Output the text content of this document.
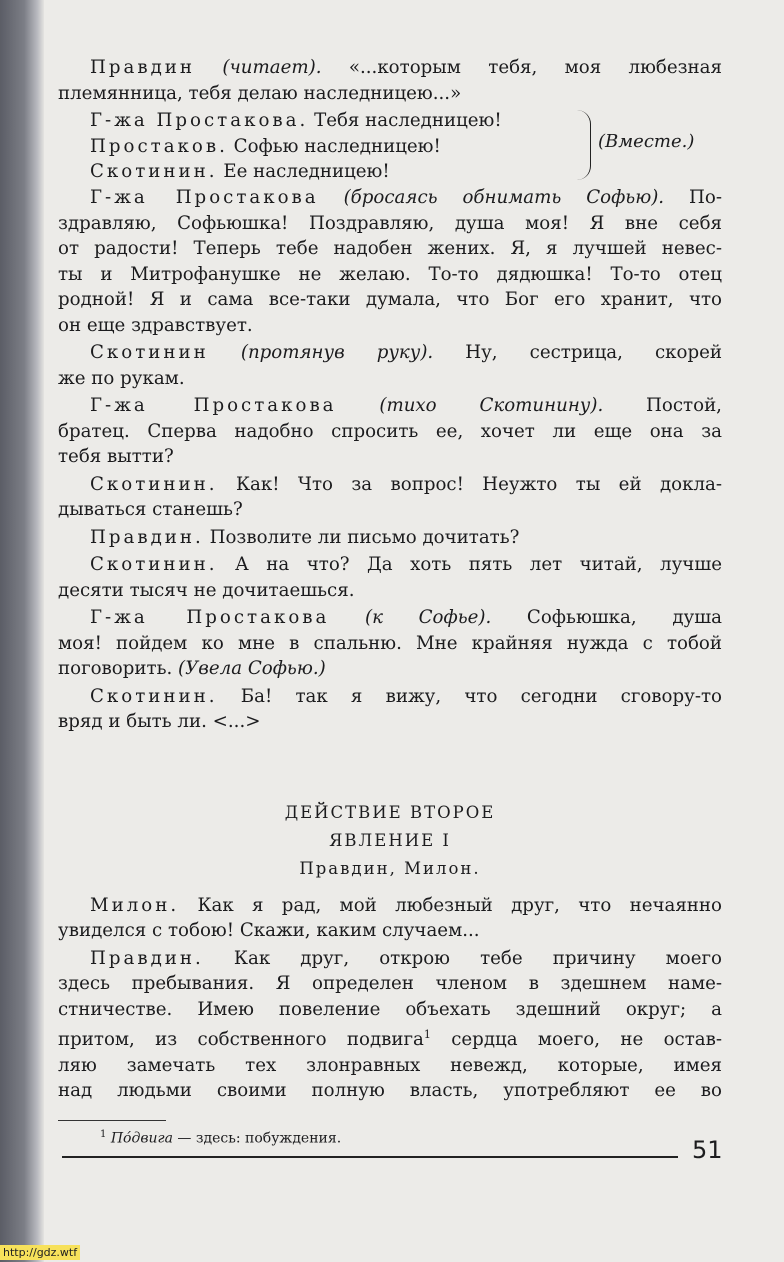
Правдин (читает). «...которым тебя, моя любезная
племянница, тебя делаю наследницею...»
Г-жа Простакова. Тебя наследницею!
Простаков. Софью наследницею!
Скотинин. Ее наследницею!
(Вместе.)
Г-жа Простакова (бросаясь обнимать Софью). По-
здравляю, Софьюшка! Поздравляю, душа моя! Я вне себя
от радости! Теперь тебе надобен жених. Я, я лучшей невес-
ты и Митрофанушке не желаю. То-то дядюшка! То-то отец
родной! Я и сама все-таки думала, что Бог его хранит, что
он еще здравствует.
Скотинин (протянув руку). Ну, сестрица, скорей
же по рукам.
Г-жа Простакова (тихо Скотинину). Постой,
братец. Сперва надобно спросить ее, хочет ли еще она за
тебя вытти?
Скотинин. Как! Что за вопрос! Неужто ты ей докла-
дываться станешь?
Правдин. Позволите ли письмо дочитать?
Скотинин. А на что? Да хоть пять лет читай, лучше
десяти тысяч не дочитаешься.
Г-жа Простакова (к Софье). Софьюшка, душа
моя! пойдем ко мне в спальню. Мне крайняя нужда с тобой
поговорить. (Увела Софью.)
Скотинин. Ба! так я вижу, что сегодни сговору-то
вряд и быть ли. <...>
ДЕЙСТВИЕ ВТОРОЕ
ЯВЛЕНИЕ I
Правдин, Милон.
Милон. Как я рад, мой любезный друг, что нечаянно
увиделся с тобою! Скажи, каким случаем...
Правдин. Как друг, открою тебе причину моего
здесь пребывания. Я определен членом в здешнем наме-
стничестве. Имею повеление объехать здешний округ; а
притом, из собственного подвига$^1$ сердца моего, не остав-
ляю замечать тех злонравных невежд, которые, имея
над людьми своими полную власть, употребляют ее во
$^1$ Пóдвига — здесь: побуждения.	51
http://gdz.wtf
